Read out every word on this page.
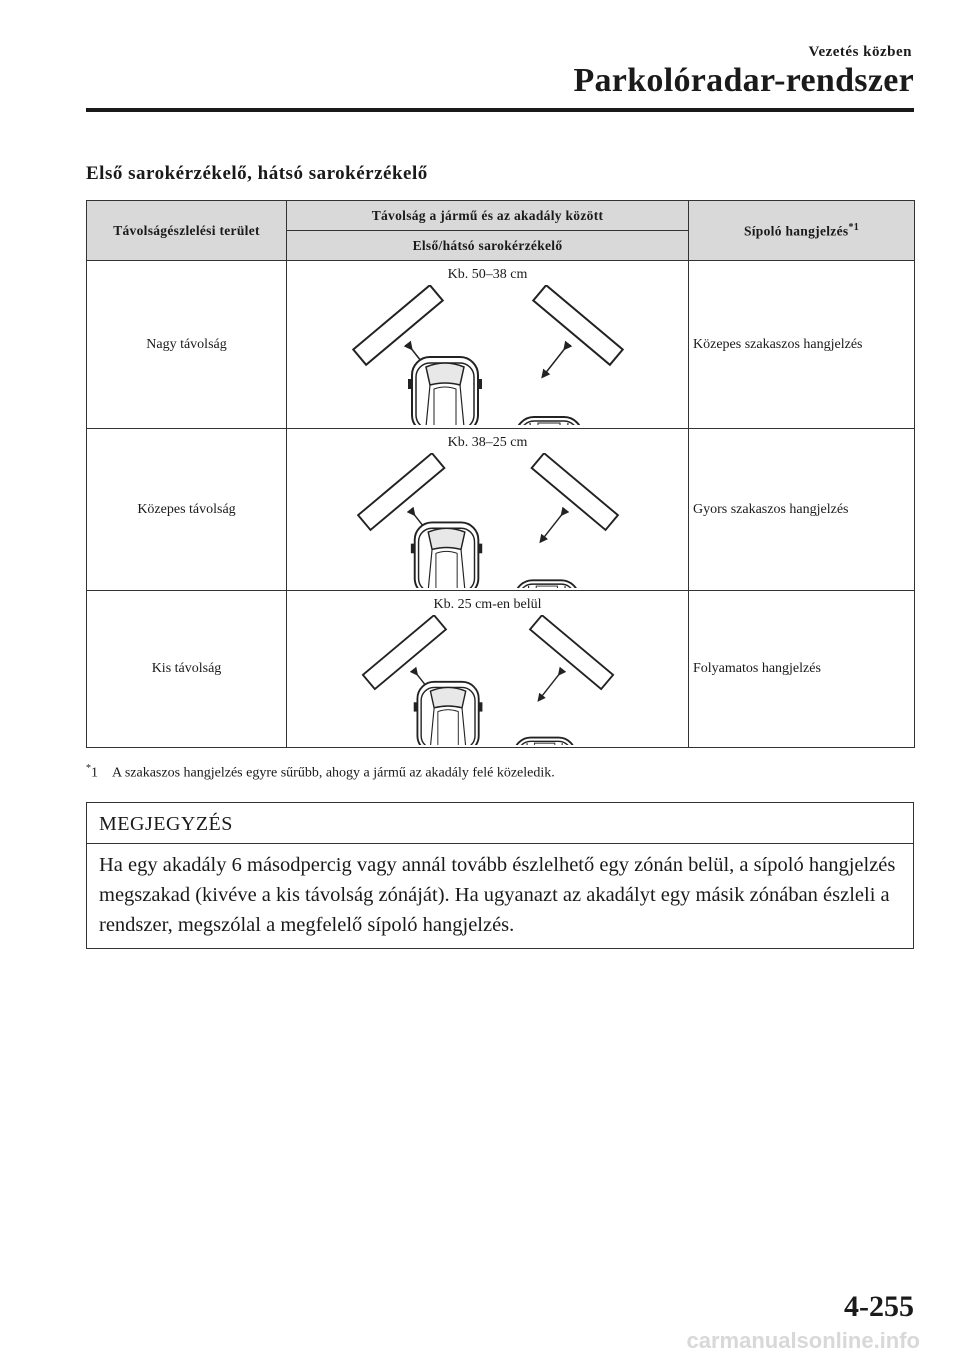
Vezetés közben
Parkolóradar-rendszer
Első sarokérzékelő, hátsó sarokérzékelő
Távolságészlelési terület	Távolság a jármű és az akadály között	Sípoló hangjelzés$^{*1}$
	Első/hátsó sarokérzékelő	
Nagy távolság	Kb. 50–38 cm	Közepes szakaszos hangjelzés
Közepes távolság	Kb. 38–25 cm	Gyors szakaszos hangjelzés
Kis távolság	Kb. 25 cm-en belül	Folyamatos hangjelzés
*1 A szakaszos hangjelzés egyre sűrűbb, ahogy a jármű az akadály felé közeledik.
MEGJEGYZÉS
Ha egy akadály 6 másodpercig vagy annál tovább észlelhető egy zónán belül, a sípoló hangjelzés megszakad (kivéve a kis távolság zónáját). Ha ugyanazt az akadályt egy másik zónában észleli a rendszer, megszólal a megfelelő sípoló hangjelzés.
4-255
carmanualsonline.info
